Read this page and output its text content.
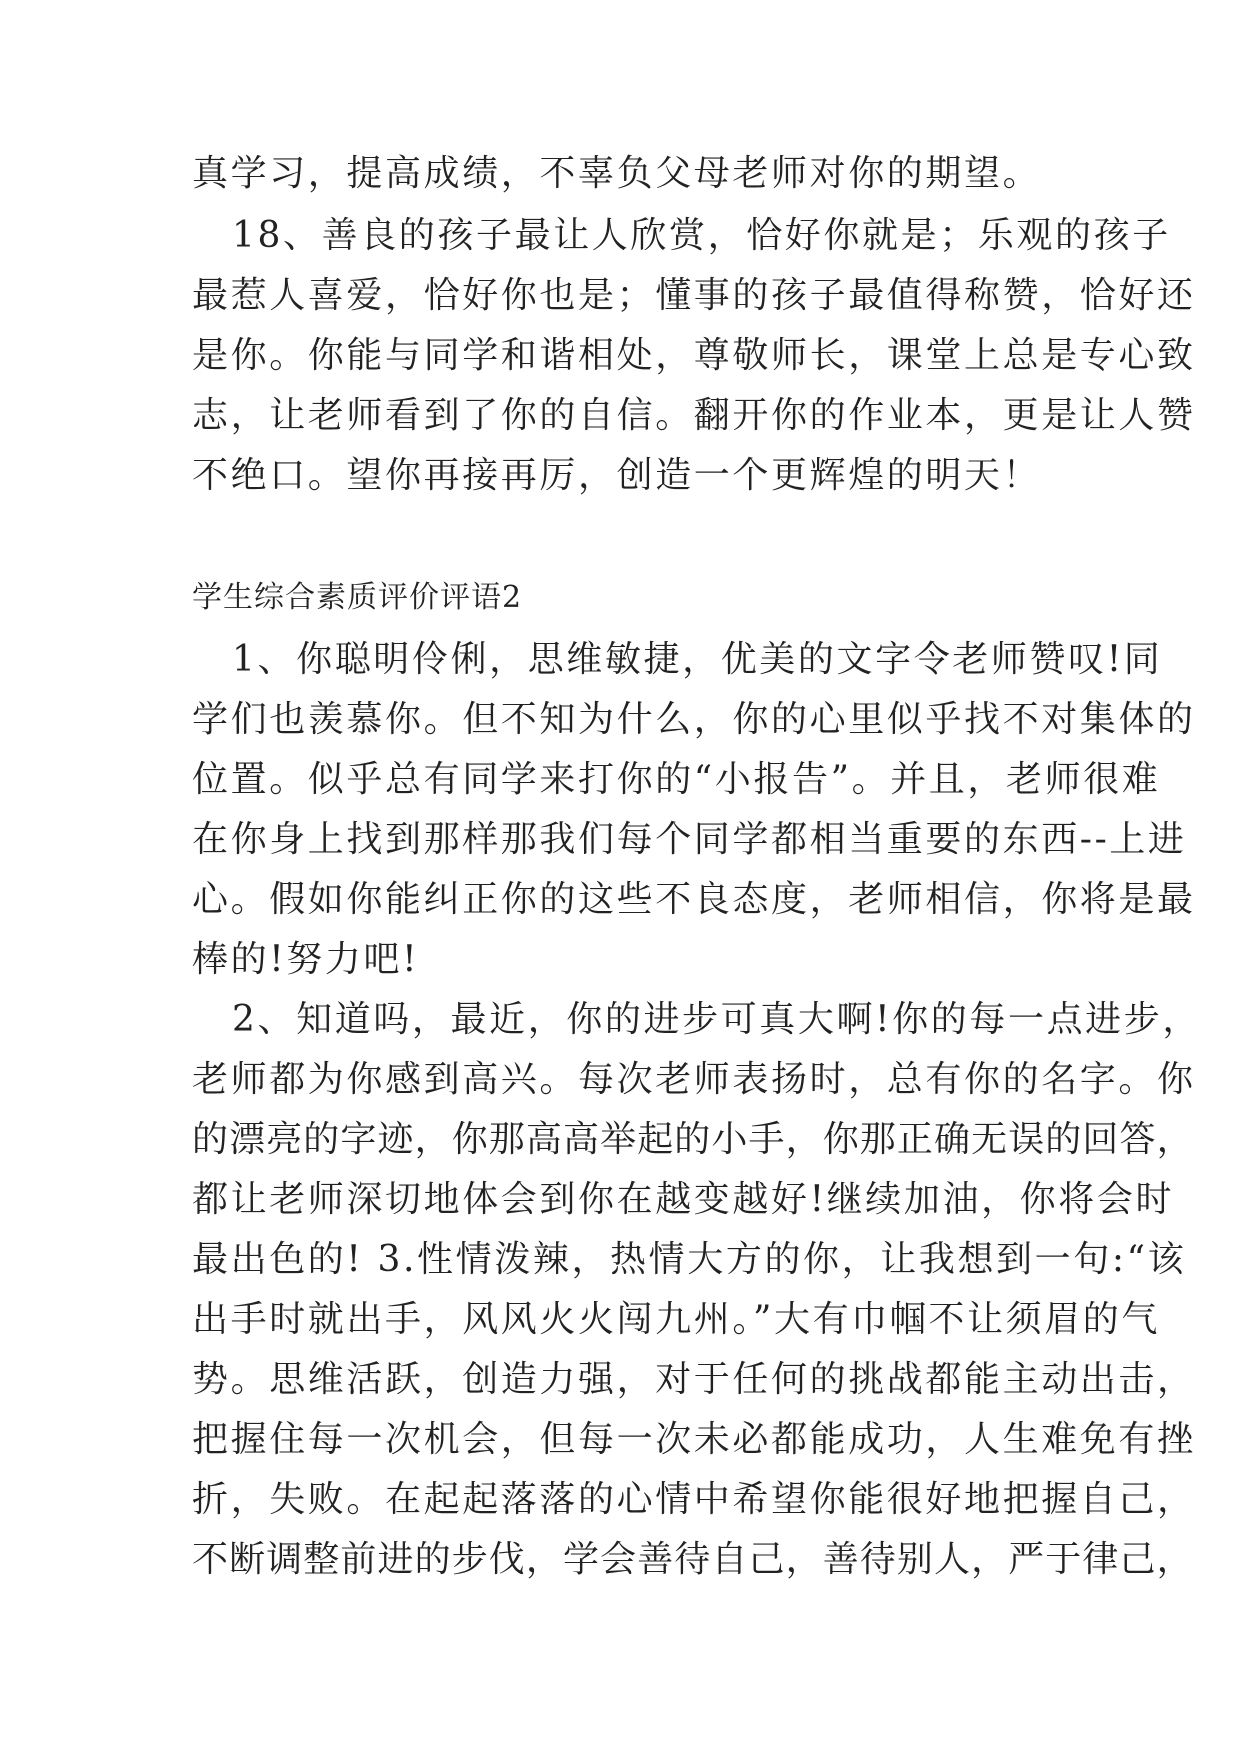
真学习，提高成绩，不辜负父母老师对你的期望。
18、善良的孩子最让人欣赏，恰好你就是；乐观的孩子
最惹人喜爱，恰好你也是；懂事的孩子最值得称赞，恰好还
是你。你能与同学和谐相处，尊敬师长，课堂上总是专心致
志，让老师看到了你的自信。翻开你的作业本，更是让人赞
不绝口。望你再接再厉，创造一个更辉煌的明天！
学生综合素质评价评语2
1、你聪明伶俐，思维敏捷，优美的文字令老师赞叹!同
学们也羡慕你。但不知为什么，你的心里似乎找不对集体的
位置。似乎总有同学来打你的“小报告”。并且，老师很难
在你身上找到那样那我们每个同学都相当重要的东西--上进
心。假如你能纠正你的这些不良态度，老师相信，你将是最
棒的!努力吧!
2、知道吗，最近，你的进步可真大啊!你的每一点进步，
老师都为你感到高兴。每次老师表扬时，总有你的名字。你
的漂亮的字迹，你那高高举起的小手，你那正确无误的回答，
都让老师深切地体会到你在越变越好!继续加油，你将会时
最出色的! 3.性情泼辣，热情大方的你，让我想到一句:“该
出手时就出手，风风火火闯九州。”大有巾帼不让须眉的气
势。思维活跃，创造力强，对于任何的挑战都能主动出击，
把握住每一次机会，但每一次未必都能成功，人生难免有挫
折，失败。在起起落落的心情中希望你能很好地把握自己，
不断调整前进的步伐，学会善待自己，善待别人，严于律己，
